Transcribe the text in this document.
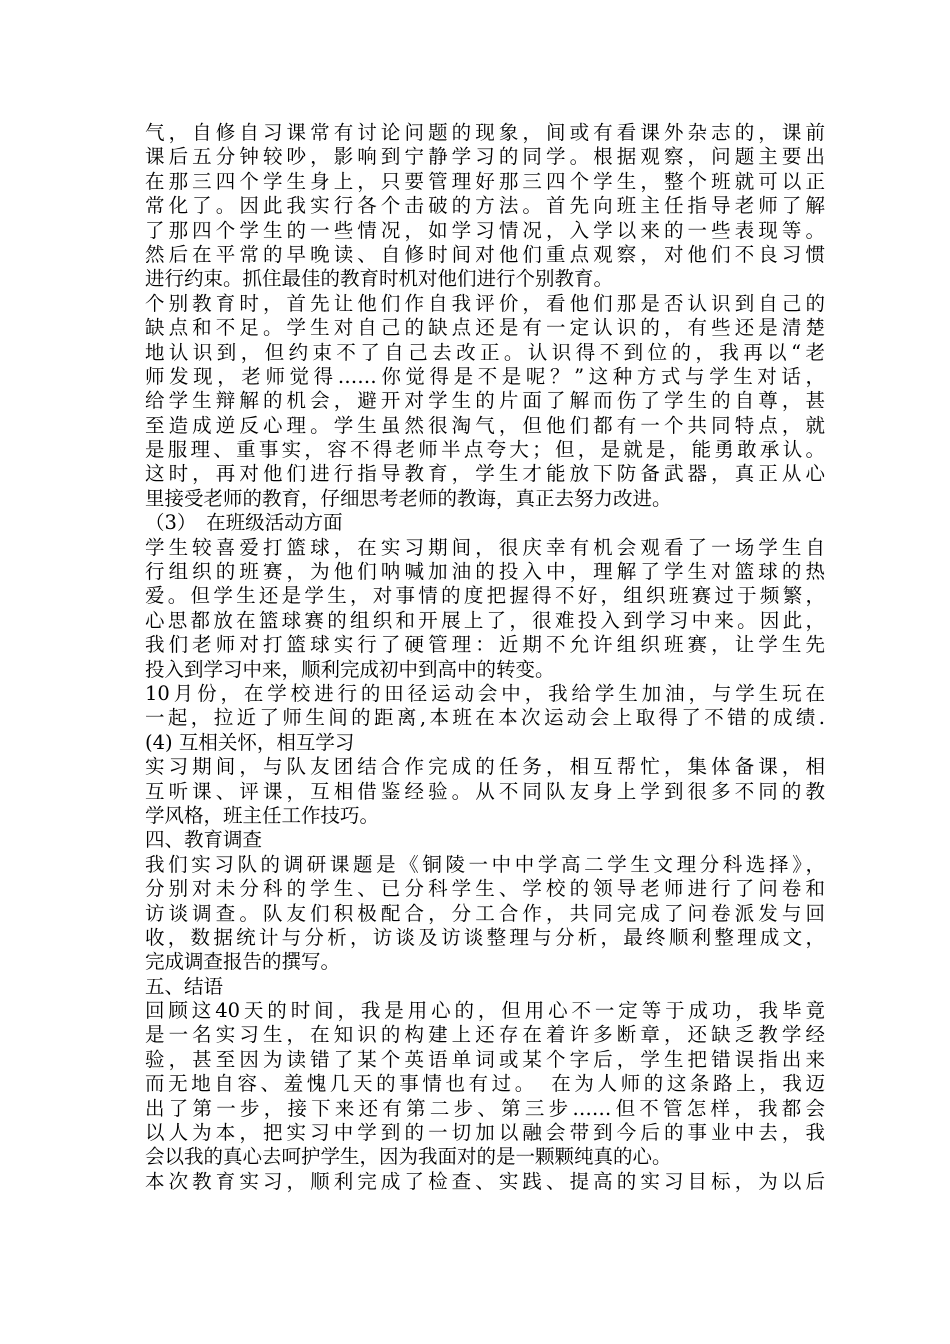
气，自修自习课常有讨论问题的现象，间或有看课外杂志的，课前
课后五分钟较吵，影响到宁静学习的同学。根据观察，问题主要出
在那三四个学生身上，只要管理好那三四个学生，整个班就可以正
常化了。因此我实行各个击破的方法。首先向班主任指导老师了解
了那四个学生的一些情况，如学习情况，入学以来的一些表现等。
然后在平常的早晚读、自修时间对他们重点观察，对他们不良习惯
进行约束。抓住最佳的教育时机对他们进行个别教育。
个别教育时，首先让他们作自我评价，看他们那是否认识到自己的
缺点和不足。学生对自己的缺点还是有一定认识的，有些还是清楚
地认识到，但约束不了自己去改正。认识得不到位的，我再以“老
师发现，老师觉得……你觉得是不是呢？”这种方式与学生对话，
给学生辩解的机会，避开对学生的片面了解而伤了学生的自尊，甚
至造成逆反心理。学生虽然很淘气，但他们都有一个共同特点，就
是服理、重事实，容不得老师半点夸大；但，是就是，能勇敢承认。
这时，再对他们进行指导教育，学生才能放下防备武器，真正从心
里接受老师的教育，仔细思考老师的教诲，真正去努力改进。
（3）　在班级活动方面
学生较喜爱打篮球，在实习期间，很庆幸有机会观看了一场学生自
行组织的班赛，为他们呐喊加油的投入中，理解了学生对篮球的热
爱。但学生还是学生，对事情的度把握得不好，组织班赛过于频繁，
心思都放在篮球赛的组织和开展上了，很难投入到学习中来。因此，
我们老师对打篮球实行了硬管理：近期不允许组织班赛，让学生先
投入到学习中来，顺利完成初中到高中的转变。
10月份，在学校进行的田径运动会中，我给学生加油，与学生玩在
一起，拉近了师生间的距离,本班在本次运动会上取得了不错的成绩.
(4) 互相关怀，相互学习
实习期间，与队友团结合作完成的任务，相互帮忙，集体备课，相
互听课、评课，互相借鉴经验。从不同队友身上学到很多不同的教
学风格，班主任工作技巧。
四、教育调查
我们实习队的调研课题是《铜陵一中中学高二学生文理分科选择》，
分别对未分科的学生、已分科学生、学校的领导老师进行了问卷和
访谈调查。队友们积极配合，分工合作，共同完成了问卷派发与回
收，数据统计与分析，访谈及访谈整理与分析，最终顺利整理成文，
完成调查报告的撰写。
五、结语
回顾这40天的时间，我是用心的，但用心不一定等于成功，我毕竟
是一名实习生，在知识的构建上还存在着许多断章，还缺乏教学经
验，甚至因为读错了某个英语单词或某个字后，学生把错误指出来
而无地自容、羞愧几天的事情也有过。　在为人师的这条路上，我迈
出了第一步，接下来还有第二步、第三步……但不管怎样，我都会
以人为本，把实习中学到的一切加以融会带到今后的事业中去，我
会以我的真心去呵护学生，因为我面对的是一颗颗纯真的心。
本次教育实习，顺利完成了检查、实践、提高的实习目标，为以后
